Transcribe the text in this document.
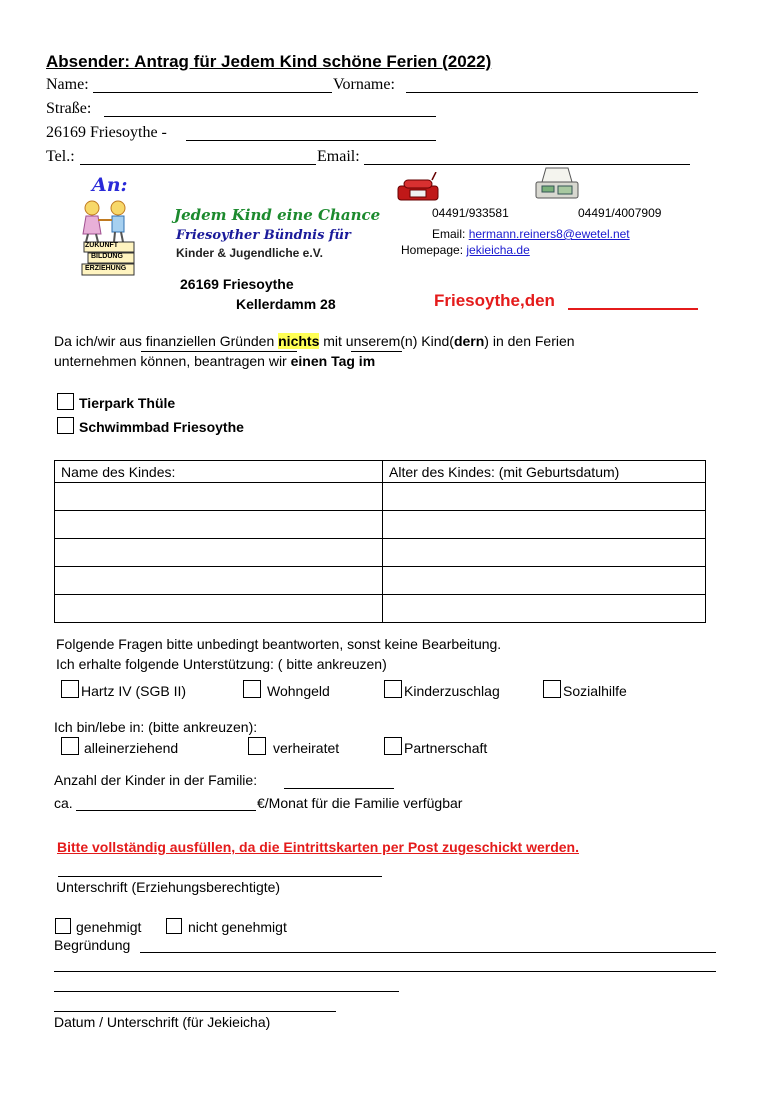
Absender: Antrag für Jedem Kind schöne Ferien (2022)
Name:	Vorname:
Straße:
26169 Friesoythe -
Tel.:	Email:
An:
ZUKUNFT
BILDUNG
ERZIEHUNG
Jedem Kind eine Chance
Friesoyther Bündnis für
Kinder & Jugendliche e.V.
26169 Friesoythe
Kellerdamm 28
04491/933581	04491/4007909
Email: hermann.reiners8@ewetel.net
Homepage: jekieicha.de
Friesoythe,den
Da ich/wir aus finanziellen Gründen nichts mit unserem(n) Kind(dern) in den Ferien
unternehmen können, beantragen wir einen Tag im
Tierpark Thüle
Schwimmbad Friesoythe
Name des Kindes:	Alter des Kindes: (mit Geburtsdatum)

Folgende Fragen bitte unbedingt beantworten, sonst keine Bearbeitung.
Ich erhalte folgende Unterstützung: ( bitte ankreuzen)
Hartz IV (SGB II)	Wohngeld	Kinderzuschlag	Sozialhilfe
Ich bin/lebe in: (bitte ankreuzen):
alleinerziehend	verheiratet	Partnerschaft
Anzahl der Kinder in der Familie:
ca.	€/Monat für die Familie verfügbar
Bitte vollständig ausfüllen, da die Eintrittskarten per Post zugeschickt werden.
Unterschrift (Erziehungsberechtigte)
genehmigt	nicht genehmigt
Begründung
Datum / Unterschrift (für Jekieicha)
